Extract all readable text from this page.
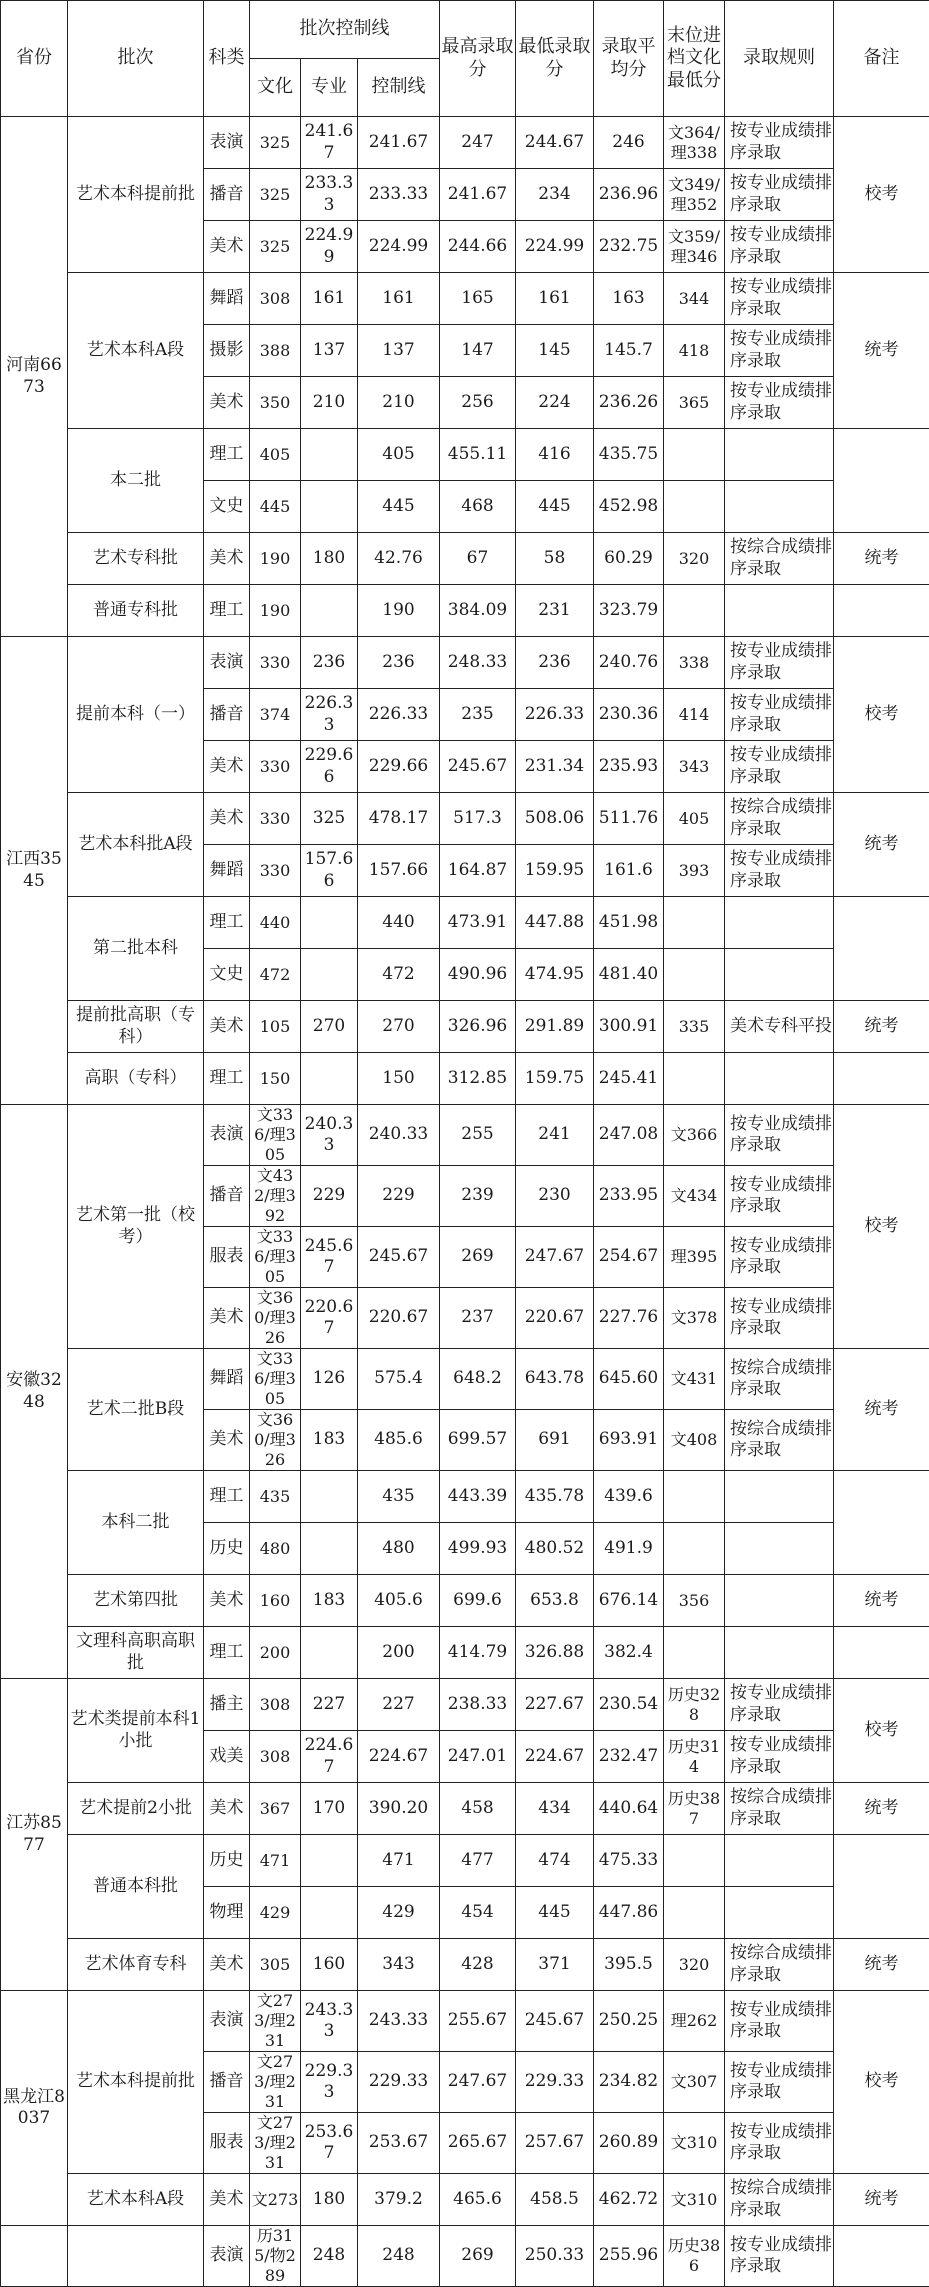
省份	批次	科类	批次控制线			最高录取分	最低录取分	录取平均分	末位进档文化最低分	录取规则	备注
			文化	专业	控制线						
河南6673	艺术本科提前批	表演	325	241.67	241.67	247	244.67	246	文364/理338	按专业成绩排序录取	校考
		播音	325	233.33	233.33	241.67	234	236.96	文349/理352	按专业成绩排序录取	
		美术	325	224.99	224.99	244.66	224.99	232.75	文359/理346	按专业成绩排序录取	
	艺术本科A段	舞蹈	308	161	161	165	161	163	344	按专业成绩排序录取	统考
		摄影	388	137	137	147	145	145.7	418	按专业成绩排序录取	
		美术	350	210	210	256	224	236.26	365	按专业成绩排序录取	
	本二批	理工	405		405	455.11	416	435.75			
		文史	445		445	468	445	452.98			
	艺术专科批	美术	190	180	42.76	67	58	60.29	320	按综合成绩排序录取	统考
	普通专科批	理工	190		190	384.09	231	323.79			
江西3545	提前本科（一）	表演	330	236	236	248.33	236	240.76	338	按专业成绩排序录取	校考
		播音	374	226.33	226.33	235	226.33	230.36	414	按专业成绩排序录取	
		美术	330	229.66	229.66	245.67	231.34	235.93	343	按专业成绩排序录取	
	艺术本科批A段	美术	330	325	478.17	517.3	508.06	511.76	405	按综合成绩排序录取	统考
		舞蹈	330	157.66	157.66	164.87	159.95	161.6	393	按专业成绩排序录取	
	第二批本科	理工	440		440	473.91	447.88	451.98			
		文史	472		472	490.96	474.95	481.40			
	提前批高职（专科）	美术	105	270	270	326.96	291.89	300.91	335	美术专科平投	统考
	高职（专科）	理工	150		150	312.85	159.75	245.41			
安徽3248	艺术第一批（校考）	表演	文336/理305	240.33	240.33	255	241	247.08	文366	按专业成绩排序录取	校考
		播音	文432/理392	229	229	239	230	233.95	文434	按专业成绩排序录取	
		服表	文336/理305	245.67	245.67	269	247.67	254.67	理395	按专业成绩排序录取	
		美术	文360/理326	220.67	220.67	237	220.67	227.76	文378	按专业成绩排序录取	
	艺术二批B段	舞蹈	文336/理305	126	575.4	648.2	643.78	645.60	文431	按综合成绩排序录取	统考
		美术	文360/理326	183	485.6	699.57	691	693.91	文408	按综合成绩排序录取	
	本科二批	理工	435		435	443.39	435.78	439.6			
		历史	480		480	499.93	480.52	491.9			
	艺术第四批	美术	160	183	405.6	699.6	653.8	676.14	356		统考
	文理科高职高职批	理工	200		200	414.79	326.88	382.4			
江苏8577	艺术类提前本科1小批	播主	308	227	227	238.33	227.67	230.54	历史328	按专业成绩排序录取	校考
		戏美	308	224.67	224.67	247.01	224.67	232.47	历史314	按专业成绩排序录取	
	艺术提前2小批	美术	367	170	390.20	458	434	440.64	历史387	按综合成绩排序录取	统考
	普通本科批	历史	471		471	477	474	475.33			
		物理	429		429	454	445	447.86			
	艺术体育专科	美术	305	160	343	428	371	395.5	320	按综合成绩排序录取	统考
黑龙江8037	艺术本科提前批	表演	文273/理231	243.33	243.33	255.67	245.67	250.25	理262	按专业成绩排序录取	校考
		播音	文273/理231	229.33	229.33	247.67	229.33	234.82	文307	按专业成绩排序录取	
		服表	文273/理231	253.67	253.67	265.67	257.67	260.89	文310	按专业成绩排序录取	
	艺术本科A段	美术	文273	180	379.2	465.6	458.5	462.72	文310	按综合成绩排序录取	统考
		表演	历315/物289	248	248	269	250.33	255.96	历史386	按专业成绩排序录取	
